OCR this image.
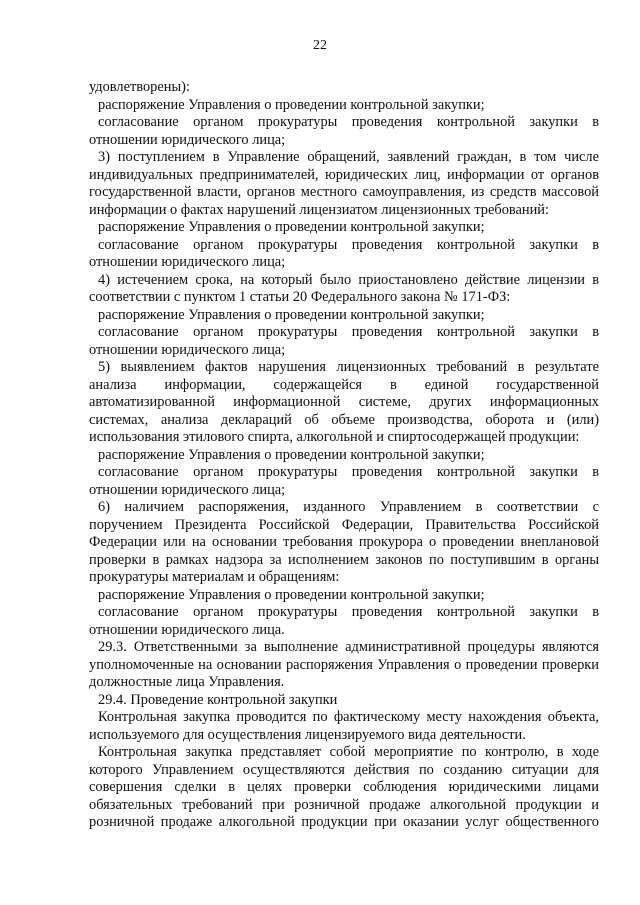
22

удовлетворены):

распоряжение Управления о проведении контрольной закупки;

согласование органом прокуратуры проведения контрольной закупки в отношении юридического лица;

3) поступлением в Управление обращений, заявлений граждан, в том числе индивидуальных предпринимателей, юридических лиц, информации от органов государственной власти, органов местного самоуправления, из средств массовой информации о фактах нарушений лицензиатом лицензионных требований:

распоряжение Управления о проведении контрольной закупки;

согласование органом прокуратуры проведения контрольной закупки в отношении юридического лица;

4) истечением срока, на который было приостановлено действие лицензии в соответствии с пунктом 1 статьи 20 Федерального закона № 171-ФЗ:

распоряжение Управления о проведении контрольной закупки;

согласование органом прокуратуры проведения контрольной закупки в отношении юридического лица;

5) выявлением фактов нарушения лицензионных требований в результате анализа информации, содержащейся в единой государственной автоматизированной информационной системе, других информационных системах, анализа деклараций об объеме производства, оборота и (или) использования этилового спирта, алкогольной и спиртосодержащей продукции:

распоряжение Управления о проведении контрольной закупки;

согласование органом прокуратуры проведения контрольной закупки в отношении юридического лица;

6) наличием распоряжения, изданного Управлением в соответствии с поручением Президента Российской Федерации, Правительства Российской Федерации или на основании требования прокурора о проведении внеплановой проверки в рамках надзора за исполнением законов по поступившим в органы прокуратуры материалам и обращениям:

распоряжение Управления о проведении контрольной закупки;

согласование органом прокуратуры проведения контрольной закупки в отношении юридического лица.

29.3. Ответственными за выполнение административной процедуры являются уполномоченные на основании распоряжения Управления о проведении проверки должностные лица Управления.

29.4. Проведение контрольной закупки

Контрольная закупка проводится по фактическому месту нахождения объекта, используемого для осуществления лицензируемого вида деятельности.

Контрольная закупка представляет собой мероприятие по контролю, в ходе которого Управлением осуществляются действия по созданию ситуации для совершения сделки в целях проверки соблюдения юридическими лицами обязательных требований при розничной продаже алкогольной продукции и розничной продаже алкогольной продукции при оказании услуг общественного
